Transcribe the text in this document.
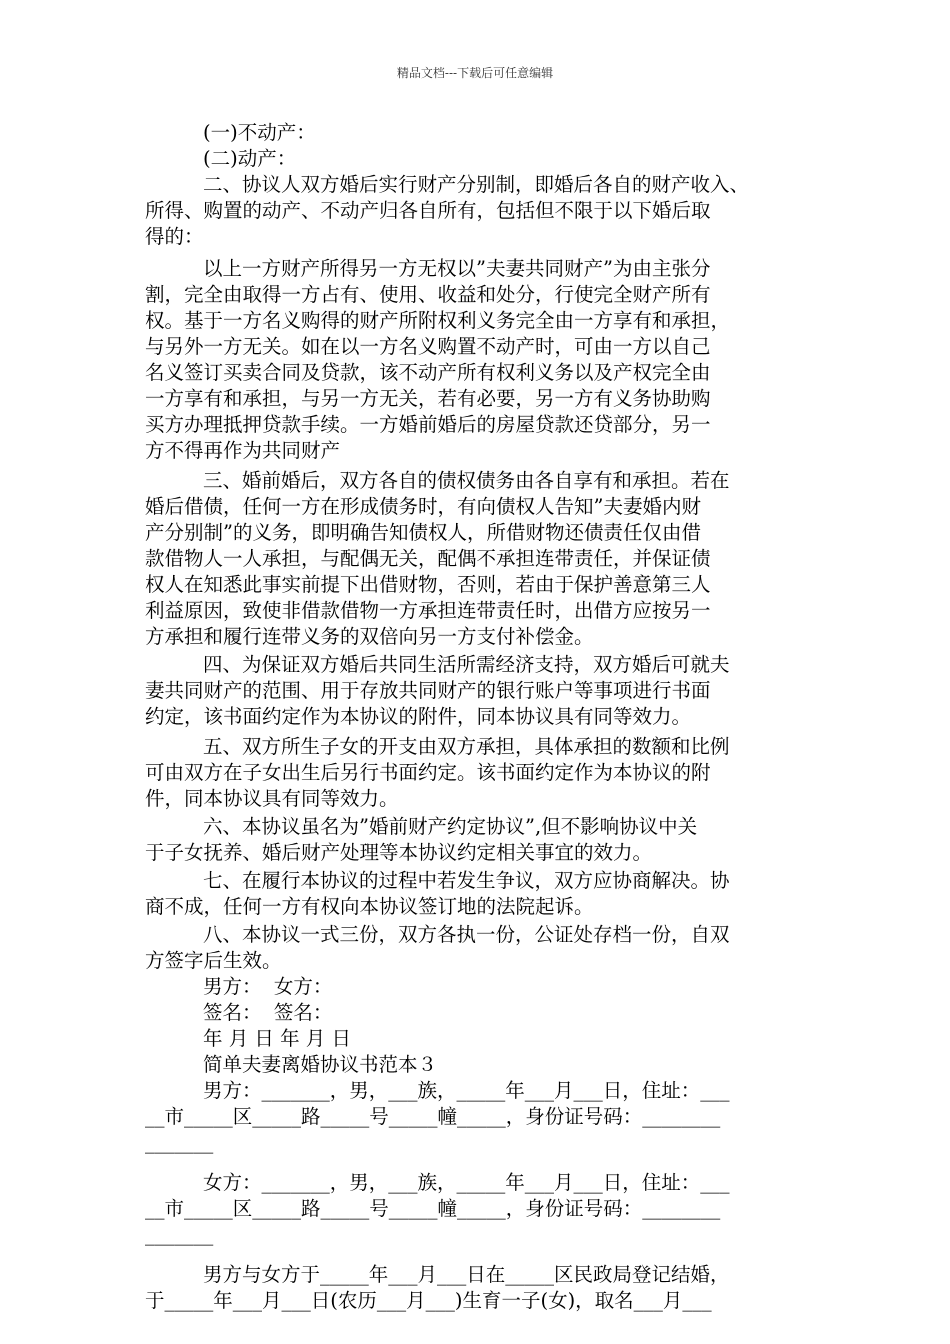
精品文档---下载后可任意编辑
(一)不动产：
(二)动产：
二、协议人双方婚后实行财产分别制，即婚后各自的财产收入、
所得、购置的动产、不动产归各自所有，包括但不限于以下婚后取
得的：
以上一方财产所得另一方无权以”夫妻共同财产”为由主张分
割，完全由取得一方占有、使用、收益和处分，行使完全财产所有
权。基于一方名义购得的财产所附权利义务完全由一方享有和承担，
与另外一方无关。如在以一方名义购置不动产时，可由一方以自己
名义签订买卖合同及贷款，该不动产所有权利义务以及产权完全由
一方享有和承担，与另一方无关，若有必要，另一方有义务协助购
买方办理抵押贷款手续。一方婚前婚后的房屋贷款还贷部分，另一
方不得再作为共同财产
三、婚前婚后，双方各自的债权债务由各自享有和承担。若在
婚后借债，任何一方在形成债务时，有向债权人告知”夫妻婚内财
产分别制”的义务，即明确告知债权人，所借财物还债责任仅由借
款借物人一人承担，与配偶无关，配偶不承担连带责任，并保证债
权人在知悉此事实前提下出借财物，否则，若由于保护善意第三人
利益原因，致使非借款借物一方承担连带责任时，出借方应按另一
方承担和履行连带义务的双倍向另一方支付补偿金。
四、为保证双方婚后共同生活所需经济支持，双方婚后可就夫
妻共同财产的范围、用于存放共同财产的银行账户等事项进行书面
约定，该书面约定作为本协议的附件，同本协议具有同等效力。
五、双方所生子女的开支由双方承担，具体承担的数额和比例
可由双方在子女出生后另行书面约定。该书面约定作为本协议的附
件，同本协议具有同等效力。
六、本协议虽名为”婚前财产约定协议”,但不影响协议中关
于子女抚养、婚后财产处理等本协议约定相关事宜的效力。
七、在履行本协议的过程中若发生争议，双方应协商解决。协
商不成，任何一方有权向本协议签订地的法院起诉。
八、本协议一式三份，双方各执一份，公证处存档一份，自双
方签字后生效。
男方：  女方：
签名：  签名：
年 月 日 年 月 日
简单夫妻离婚协议书范本３
男方：_______，男，___族，_____年___月___日，住址：___
__市_____区_____路_____号_____幢_____，身份证号码：________
_______
女方：_______，男，___族，_____年___月___日，住址：___
__市_____区_____路_____号_____幢_____，身份证号码：________
_______
男方与女方于_____年___月___日在_____区民政局登记结婚，
于_____年___月___日(农历___月___)生育一子(女)，取名___月___
